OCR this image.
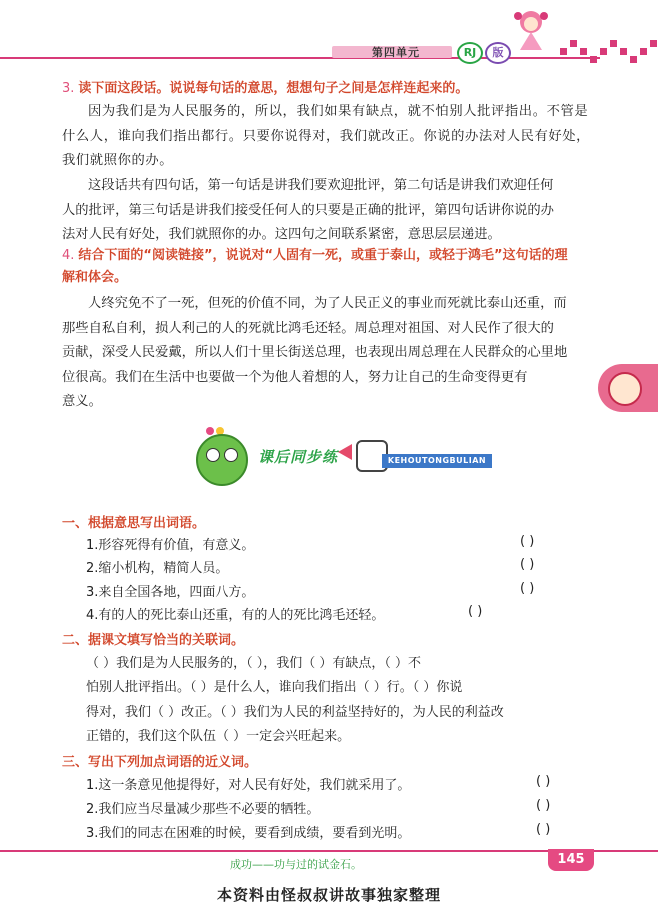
第四单元	RJ	版
3. 读下面这段话。说说每句话的意思，想想句子之间是怎样连起来的。
因为我们是为人民服务的，所以，我们如果有缺点，就不怕别人批评指出。不管是
什么人，谁向我们指出都行。只要你说得对，我们就改正。你说的办法对人民有好处，
我们就照你的办。
这段话共有四句话，第一句话是讲我们要欢迎批评，第二句话是讲我们欢迎任何
人的批评，第三句话是讲我们接受任何人的只要是正确的批评，第四句话讲你说的办
法对人民有好处，我们就照你的办。这四句之间联系紧密，意思层层递进。
4. 结合下面的“阅读链接”，说说对“人固有一死，或重于泰山，或轻于鸿毛”这句话的理
解和体会。
人终究免不了一死，但死的价值不同，为了人民正义的事业而死就比泰山还重，而
那些自私自利，损人利己的人的死就比鸿毛还轻。周总理对祖国、对人民作了很大的
贡献，深受人民爱戴，所以人们十里长街送总理，也表现出周总理在人民群众的心里地
位很高。我们在生活中也要做一个为他人着想的人，努力让自己的生命变得更有
意义。
课后同步练	KEHOUTONGBULIAN
一、根据意思写出词语。
1.形容死得有价值，有意义。	( )
2.缩小机构，精简人员。	( )
3.来自全国各地，四面八方。	( )
4.有的人的死比泰山还重，有的人的死比鸿毛还轻。	( )
二、据课文填写恰当的关联词。
（ ）我们是为人民服务的，（ ），我们（ ）有缺点，（ ）不
怕别人批评指出。（ ）是什么人，谁向我们指出（ ）行。（ ）你说
得对，我们（ ）改正。（ ）我们为人民的利益坚持好的，为人民的利益改
正错的，我们这个队伍（ ）一定会兴旺起来。
三、写出下列加点词语的近义词。
1.这一条意见他提得好，对人民有好处，我们就采用了。	( )
2.我们应当尽量减少那些不必要的牺牲。	( )
3.我们的同志在困难的时候，要看到成绩，要看到光明。	( )
成功——功与过的试金石。	145
本资料由怪叔叔讲故事独家整理
